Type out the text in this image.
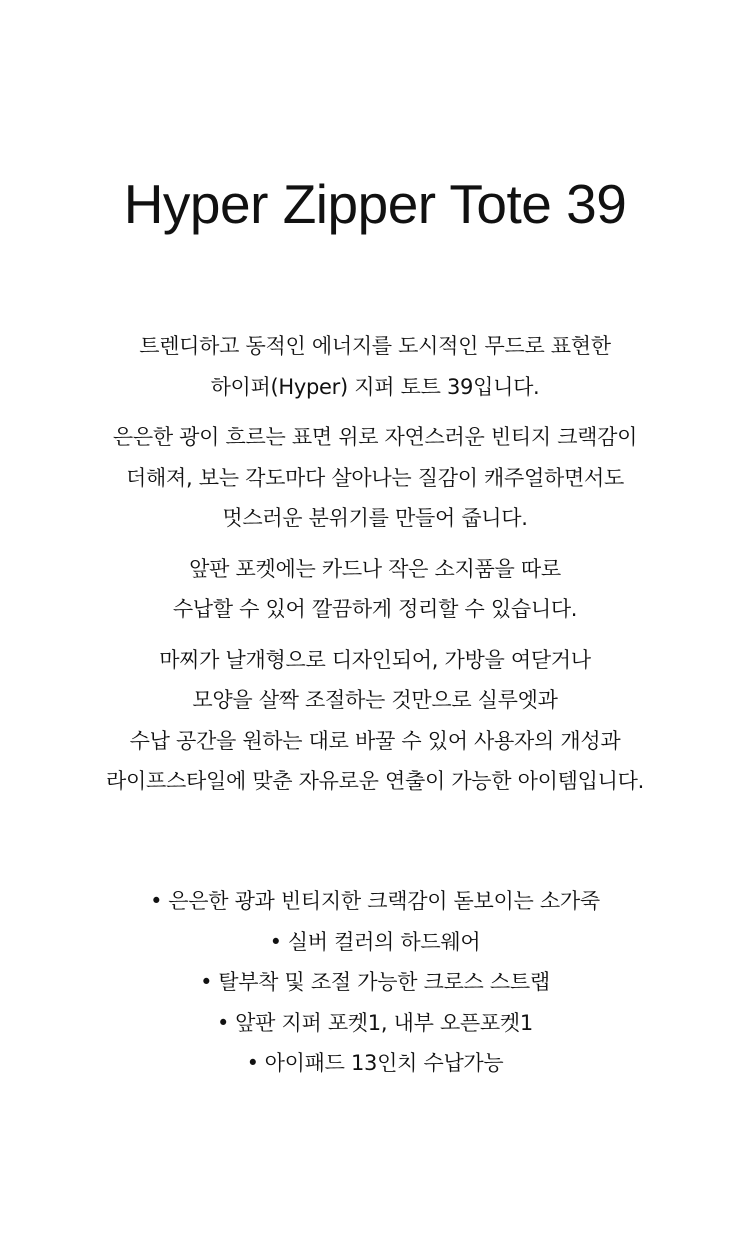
Hyper Zipper Tote 39

트렌디하고 동적인 에너지를 도시적인 무드로 표현한
하이퍼(Hyper) 지퍼 토트 39입니다.

은은한 광이 흐르는 표면 위로 자연스러운 빈티지 크랙감이
더해져, 보는 각도마다 살아나는 질감이 캐주얼하면서도
멋스러운 분위기를 만들어 줍니다.

앞판 포켓에는 카드나 작은 소지품을 따로
수납할 수 있어 깔끔하게 정리할 수 있습니다.

마찌가 날개형으로 디자인되어, 가방을 여닫거나
모양을 살짝 조절하는 것만으로 실루엣과
수납 공간을 원하는 대로 바꿀 수 있어 사용자의 개성과
라이프스타일에 맞춘 자유로운 연출이 가능한 아이템입니다.

• 은은한 광과 빈티지한 크랙감이 돋보이는 소가죽
• 실버 컬러의 하드웨어
• 탈부착 및 조절 가능한 크로스 스트랩
• 앞판 지퍼 포켓1, 내부 오픈포켓1
• 아이패드 13인치 수납가능
